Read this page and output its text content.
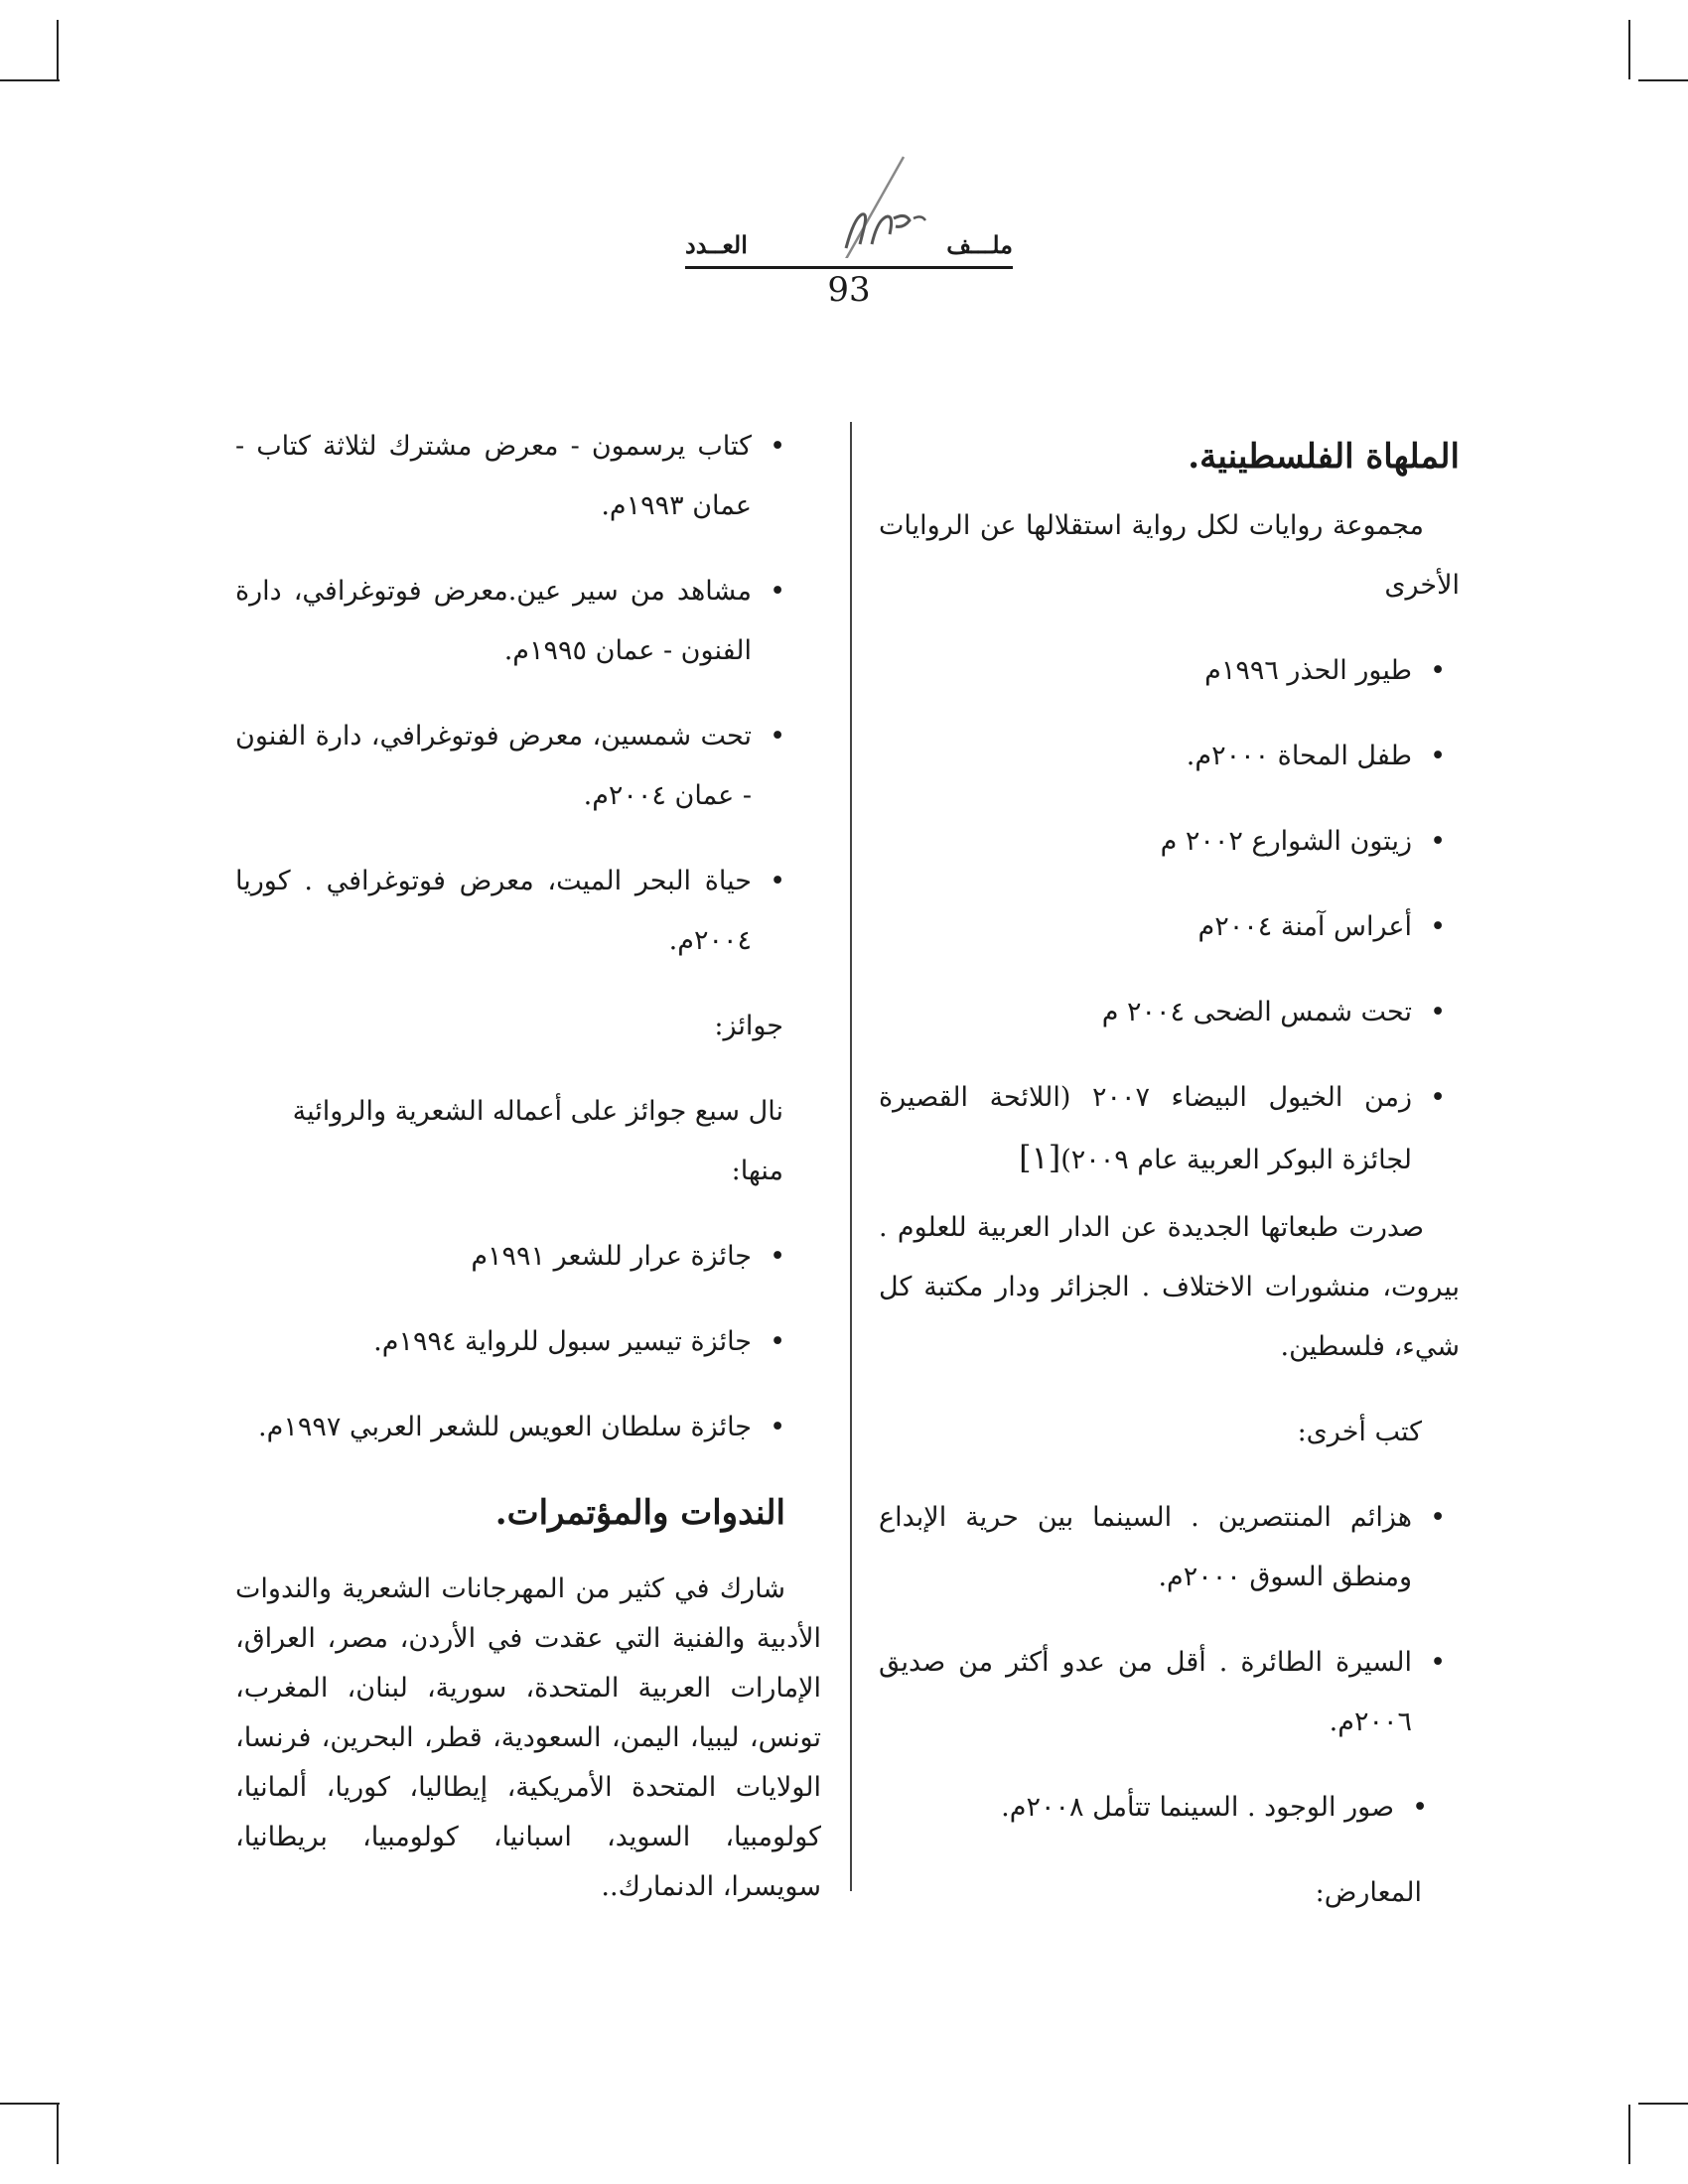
ملـــف
العــدد
93
الملهاة الفلسطينية.

مجموعة روايات لكل رواية استقلالها عن الروايات الأخرى

•
طيور الحذر ١٩٩٦م
•
طفل المحاة ٢٠٠٠م.
•
زيتون الشوارع ٢٠٠٢ م
•
أعراس آمنة ٢٠٠٤م
•
تحت شمس الضحى ٢٠٠٤ م
•
زمن الخيول البيضاء ٢٠٠٧ (اللائحة القصيرة لجائزة البوكر العربية عام ٢٠٠٩)[١]

صدرت طبعاتها الجديدة عن الدار العربية للعلوم . بيروت، منشورات الاختلاف . الجزائر ودار مكتبة كل شيء، فلسطين.

كتب أخرى:

•
هزائم المنتصرين . السينما بين حرية الإبداع ومنطق السوق ٢٠٠٠م.
•
السيرة الطائرة . أقل من عدو أكثر من صديق ٢٠٠٦م.
•
صور الوجود . السينما تتأمل ٢٠٠٨م.

المعارض:

•
كتاب يرسمون - معرض مشترك لثلاثة كتاب - عمان ١٩٩٣م.
•
مشاهد من سير عين.معرض فوتوغرافي، دارة الفنون - عمان ١٩٩٥م.
•
تحت شمسين، معرض فوتوغرافي، دارة الفنون - عمان ٢٠٠٤م.
•
حياة البحر الميت، معرض فوتوغرافي . كوريا ٢٠٠٤م.

جوائز:

نال سبع جوائز على أعماله الشعرية والروائية منها:

•
جائزة عرار للشعر ١٩٩١م
•
جائزة تيسير سبول للرواية ١٩٩٤م.
•
جائزة سلطان العويس للشعر العربي ١٩٩٧م.
الندوات والمؤتمرات.

شارك في كثير من المهرجانات الشعرية والندوات الأدبية والفنية التي عقدت في الأردن، مصر، العراق، الإمارات العربية المتحدة، سورية، لبنان، المغرب، تونس، ليبيا، اليمن، السعودية، قطر، البحرين، فرنسا، الولايات المتحدة الأمريكية، إيطاليا، كوريا، ألمانيا، كولومبيا، السويد، اسبانيا، كولومبيا، بريطانيا، سويسرا، الدنمارك..
